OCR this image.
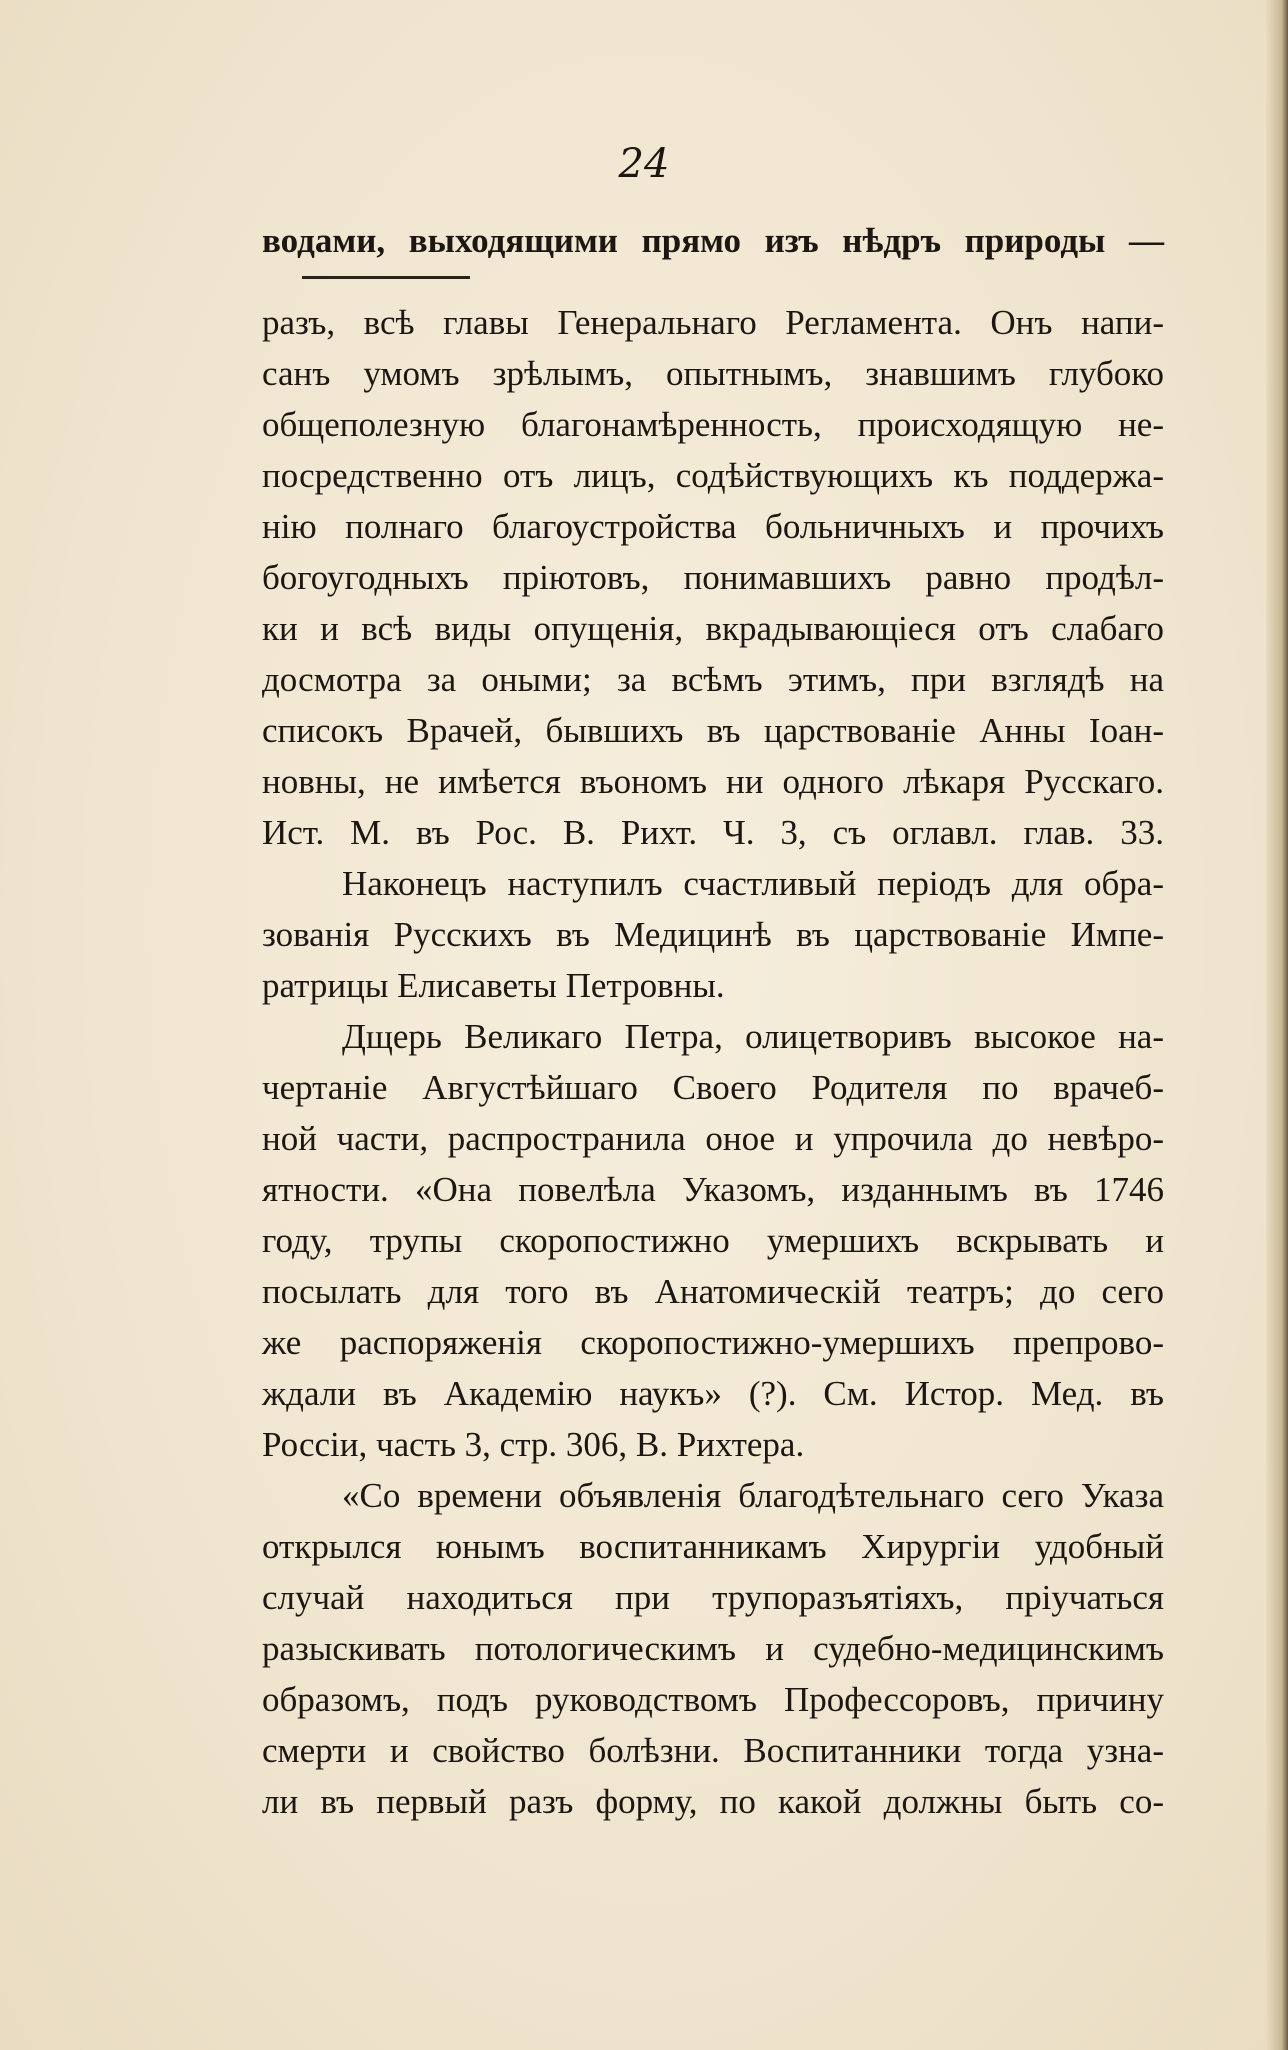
24
водами, выходящими прямо изъ нѣдръ природы —
разъ, всѣ главы Генеральнаго Регламента. Онъ напи-
санъ умомъ зрѣлымъ, опытнымъ, знавшимъ глубоко
общеполезную благонамѣренность, происходящую не-
посредственно отъ лицъ, содѣйствующихъ къ поддержа-
нію полнаго благоустройства больничныхъ и прочихъ
богоугодныхъ пріютовъ, понимавшихъ равно продѣл-
ки и всѣ виды опущенія, вкрадывающіеся отъ слабаго
досмотра за оными; за всѣмъ этимъ, при взглядѣ на
списокъ Врачей, бывшихъ въ царствованіе Анны Іоан-
новны, не имѣется въономъ ни одного лѣкаря Русскаго.
Ист. М. въ Рос. В. Рихт. Ч. 3, съ оглавл. глав. 33.
Наконецъ наступилъ счастливый періодъ для обра-
зованія Русскихъ въ Медицинѣ въ царствованіе Импе-
ратрицы Елисаветы Петровны.
Дщерь Великаго Петра, олицетворивъ высокое на-
чертаніе Августѣйшаго Своего Родителя по врачеб-
ной части, распространила оное и упрочила до невѣро-
ятности. «Она повелѣла Указомъ, изданнымъ въ 1746
году, трупы скоропостижно умершихъ вскрывать и
посылать для того въ Анатомическій театръ; до сего
же распоряженія скоропостижно-умершихъ препрово-
ждали въ Академію наукъ» (?). См. Истор. Мед. въ
Россіи, часть 3, стр. 306, В. Рихтера.
«Со времени объявленія благодѣтельнаго сего Указа
открылся юнымъ воспитанникамъ Хирургіи удобный
случай находиться при трупоразъятіяхъ, пріучаться
разыскивать потологическимъ и судебно-медицинскимъ
образомъ, подъ руководствомъ Профессоровъ, причину
смерти и свойство болѣзни. Воспитанники тогда узна-
ли въ первый разъ форму, по какой должны быть со-
